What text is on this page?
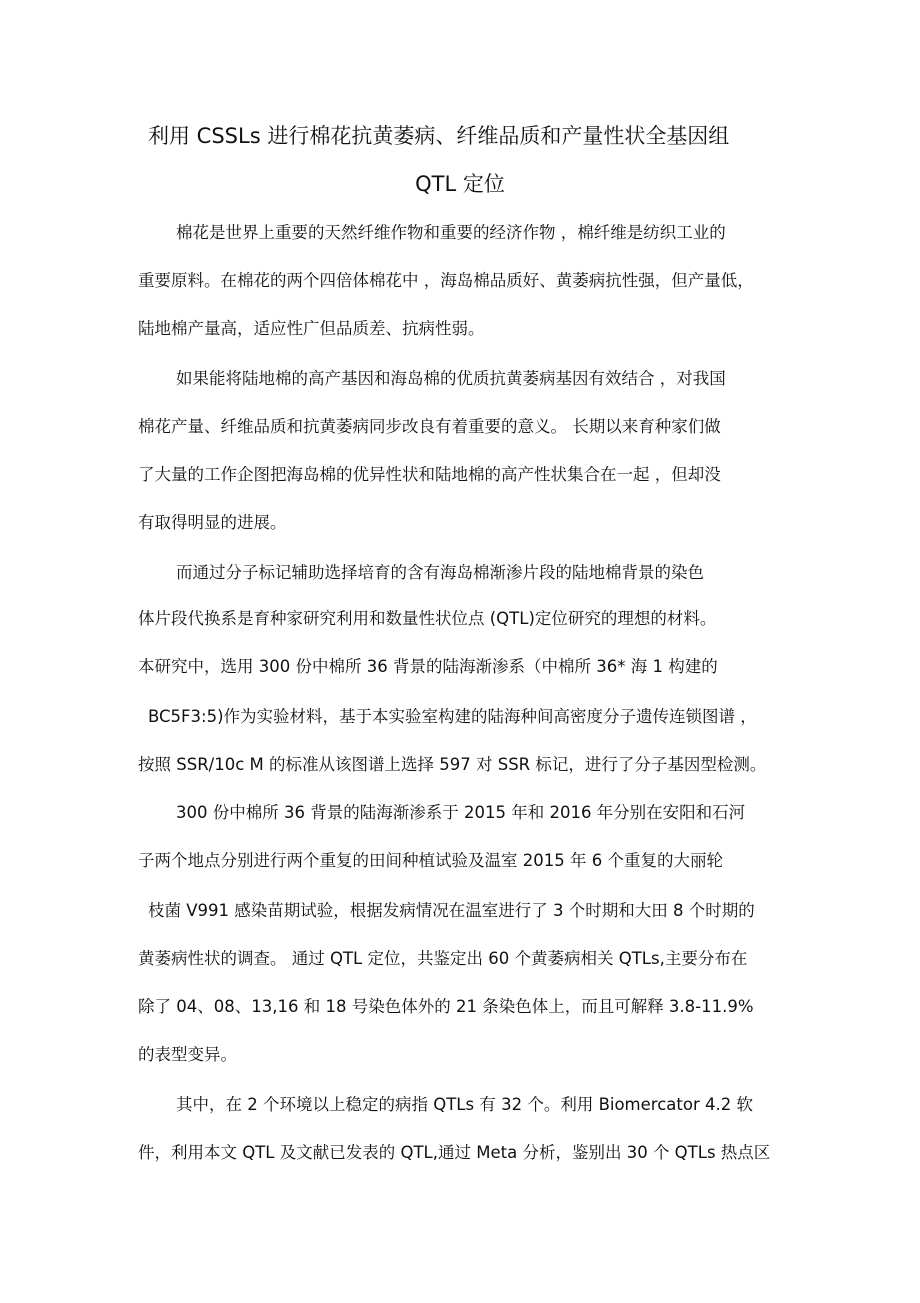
利用 CSSLs 进行棉花抗黄萎病、纤维品质和产量性状全基因组
QTL 定位

棉花是世界上重要的天然纤维作物和重要的经济作物 ，棉纤维是纺织工业的

重要原料。在棉花的两个四倍体棉花中 ，海岛棉品质好、黄萎病抗性强，但产量低，

陆地棉产量高，适应性广但品质差、抗病性弱。

如果能将陆地棉的高产基因和海岛棉的优质抗黄萎病基因有效结合 ，对我国

棉花产量、纤维品质和抗黄萎病同步改良有着重要的意义。 长期以来育种家们做

了大量的工作企图把海岛棉的优异性状和陆地棉的高产性状集合在一起 ，但却没

有取得明显的进展。

而通过分子标记辅助选择培育的含有海岛棉渐渗片段的陆地棉背景的染色

体片段代换系是育种家研究利用和数量性状位点 (QTL)定位研究的理想的材料。

本研究中，选用 300 份中棉所 36 背景的陆海渐渗系（中棉所 36* 海 1 构建的

BC5F3:5)作为实验材料，基于本实验室构建的陆海种间高密度分子遗传连锁图谱 ，

按照 SSR/10c M 的标准从该图谱上选择 597 对 SSR 标记，进行了分子基因型检测。

300 份中棉所 36 背景的陆海渐渗系于 2015 年和 2016 年分别在安阳和石河

子两个地点分别进行两个重复的田间种植试验及温室 2015 年 6 个重复的大丽轮

枝菌 V991 感染苗期试验，根据发病情况在温室进行了 3 个时期和大田 8 个时期的

黄萎病性状的调查。 通过 QTL 定位，共鉴定出 60 个黄萎病相关 QTLs,主要分布在

除了 04、08、13,16 和 18 号染色体外的 21 条染色体上，而且可解释 3.8-11.9%

的表型变异。

其中，在 2 个环境以上稳定的病指 QTLs 有 32 个。利用 Biomercator 4.2 软

件，利用本文 QTL 及文献已发表的 QTL,通过 Meta 分析，鉴别出 30 个 QTLs 热点区
